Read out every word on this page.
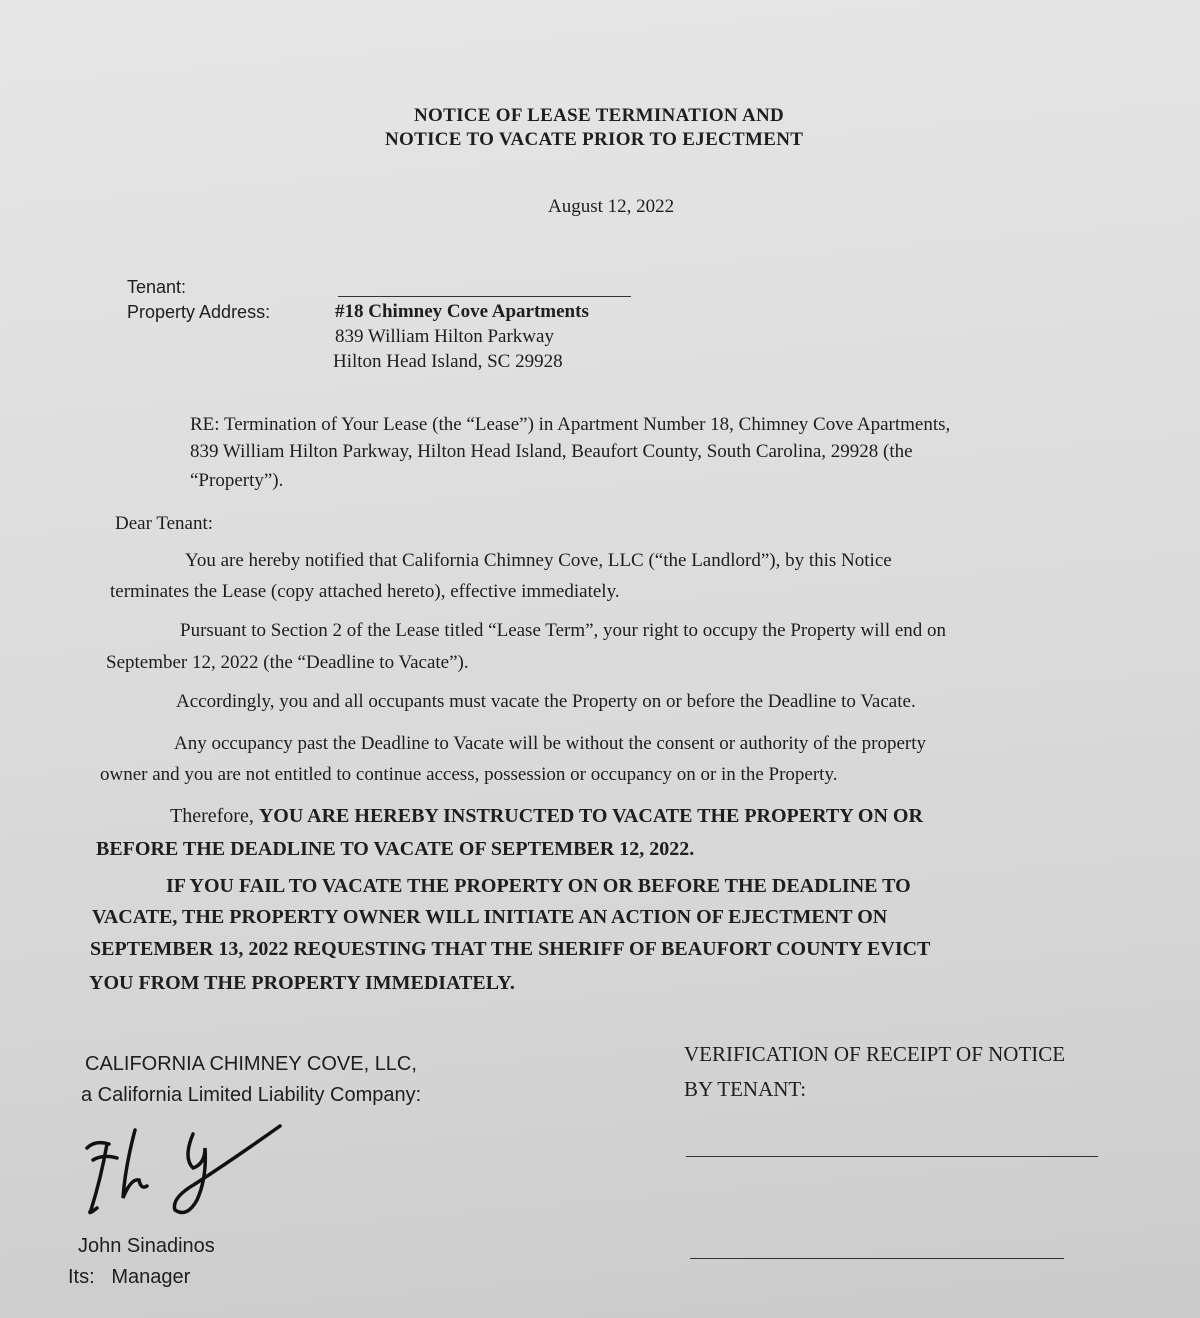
NOTICE OF LEASE TERMINATION AND
NOTICE TO VACATE PRIOR TO EJECTMENT
August 12, 2022
Tenant:
Property Address:	#18 Chimney Cove Apartments
839 William Hilton Parkway
Hilton Head Island, SC 29928
RE: Termination of Your Lease (the “Lease”) in Apartment Number 18, Chimney Cove Apartments,
839 William Hilton Parkway, Hilton Head Island, Beaufort County, South Carolina, 29928 (the
“Property”).
Dear Tenant:
You are hereby notified that California Chimney Cove, LLC (“the Landlord”), by this Notice
terminates the Lease (copy attached hereto), effective immediately.
Pursuant to Section 2 of the Lease titled “Lease Term”, your right to occupy the Property will end on
September 12, 2022 (the “Deadline to Vacate”).
Accordingly, you and all occupants must vacate the Property on or before the Deadline to Vacate.
Any occupancy past the Deadline to Vacate will be without the consent or authority of the property
owner and you are not entitled to continue access, possession or occupancy on or in the Property.
Therefore, YOU ARE HEREBY INSTRUCTED TO VACATE THE PROPERTY ON OR
BEFORE THE DEADLINE TO VACATE OF SEPTEMBER 12, 2022.
IF YOU FAIL TO VACATE THE PROPERTY ON OR BEFORE THE DEADLINE TO
VACATE, THE PROPERTY OWNER WILL INITIATE AN ACTION OF EJECTMENT ON
SEPTEMBER 13, 2022 REQUESTING THAT THE SHERIFF OF BEAUFORT COUNTY EVICT
YOU FROM THE PROPERTY IMMEDIATELY.
CALIFORNIA CHIMNEY COVE, LLC,
a California Limited Liability Company:
John Sinadinos
Its: Manager
VERIFICATION OF RECEIPT OF NOTICE
BY TENANT:
